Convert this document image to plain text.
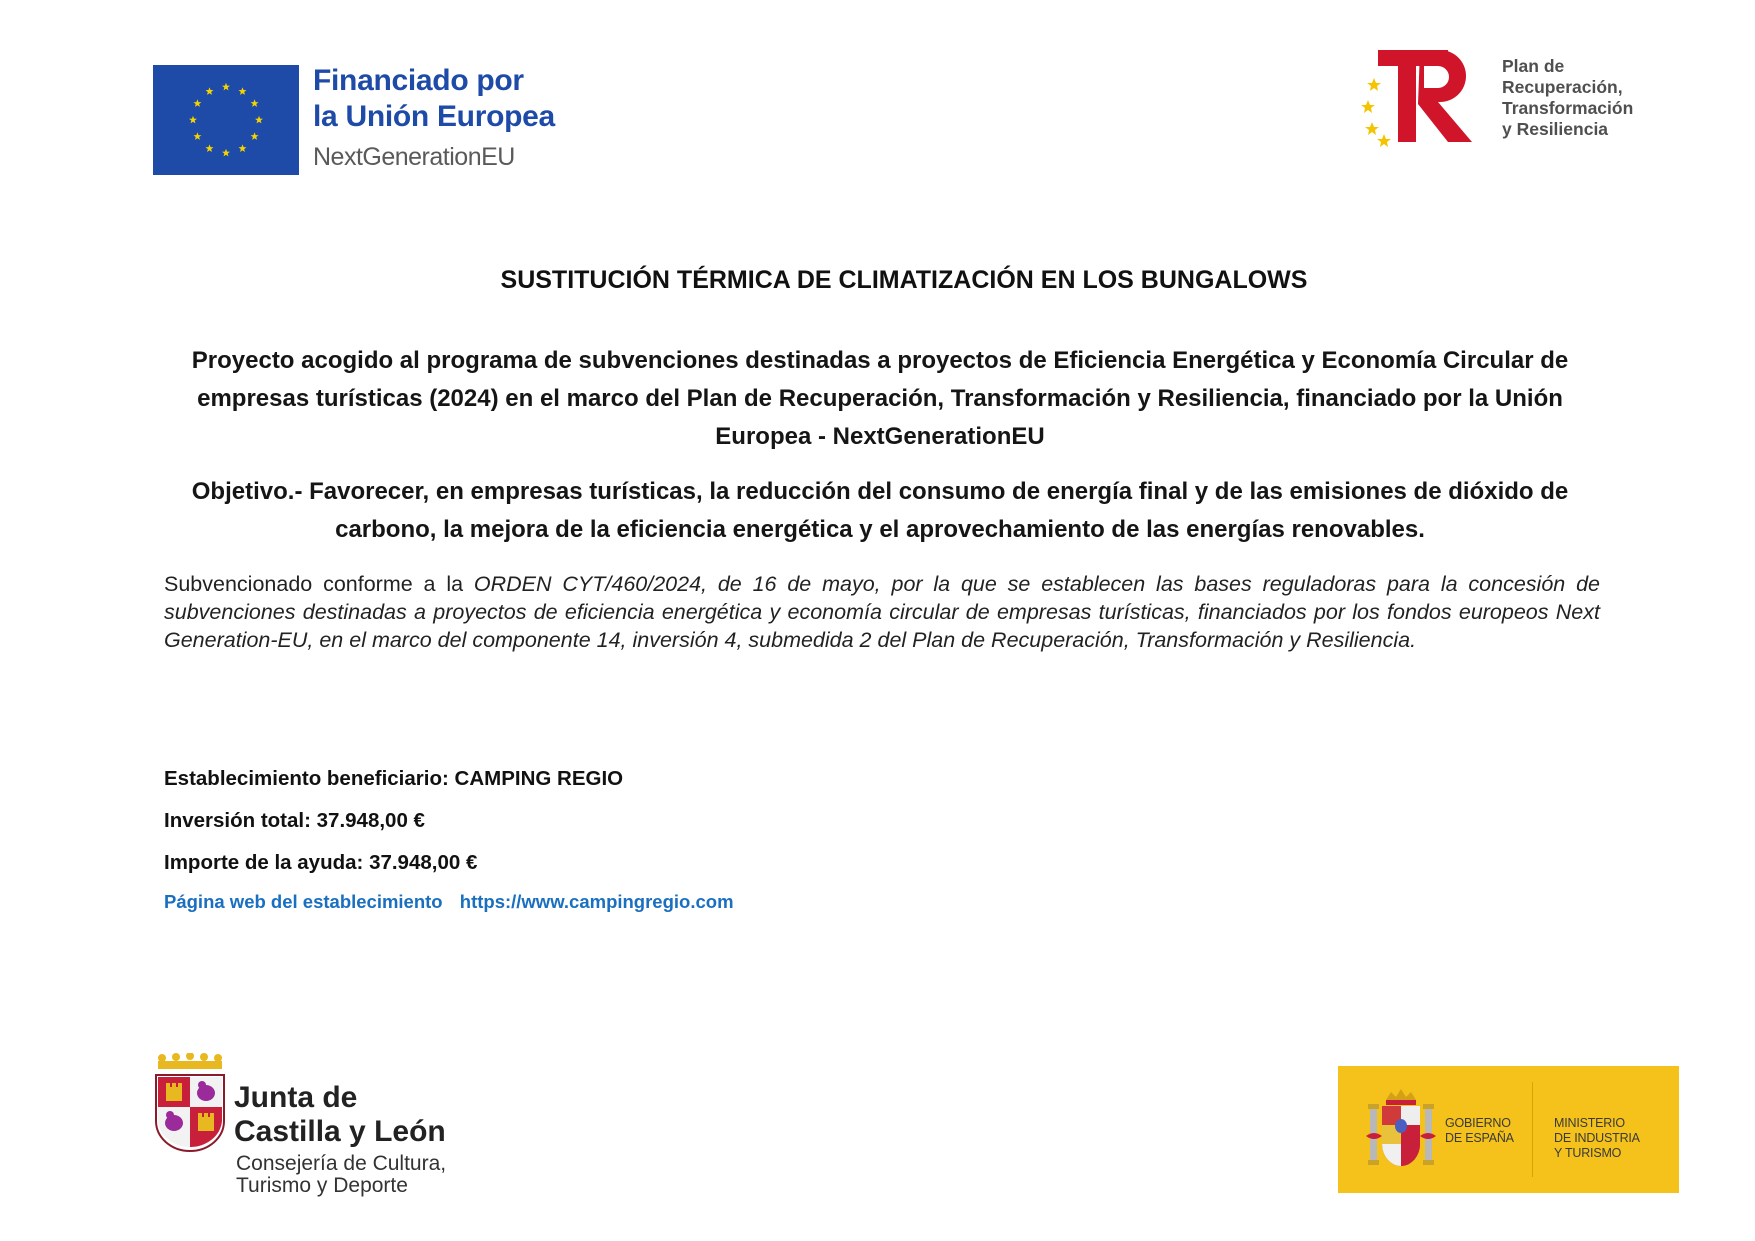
Financiado por
la Unión Europea
NextGenerationEU
Plan de
Recuperación,
Transformación
y Resiliencia
SUSTITUCIÓN TÉRMICA DE CLIMATIZACIÓN EN LOS BUNGALOWS
Proyecto acogido al programa de subvenciones destinadas a proyectos de Eficiencia Energética y Economía Circular de empresas turísticas (2024) en el marco del Plan de Recuperación, Transformación y Resiliencia, financiado por la Unión Europea - NextGenerationEU
Objetivo.- Favorecer, en empresas turísticas, la reducción del consumo de energía final y de las emisiones de dióxido de carbono, la mejora de la eficiencia energética y el aprovechamiento de las energías renovables.
Subvencionado conforme a la ORDEN CYT/460/2024, de 16 de mayo, por la que se establecen las bases reguladoras para la concesión de subvenciones destinadas a proyectos de eficiencia energética y economía circular de empresas turísticas, financiados por los fondos europeos Next Generation-EU, en el marco del componente 14, inversión 4, submedida 2 del Plan de Recuperación, Transformación y Resiliencia.
Establecimiento beneficiario: CAMPING REGIO
Inversión total: 37.948,00 €
Importe de la ayuda: 37.948,00 €
Página web del establecimiento https://www.campingregio.com
Junta de
Castilla y León
Consejería de Cultura,
Turismo y Deporte
GOBIERNO
DE ESPAÑA
MINISTERIO
DE INDUSTRIA
Y TURISMO
